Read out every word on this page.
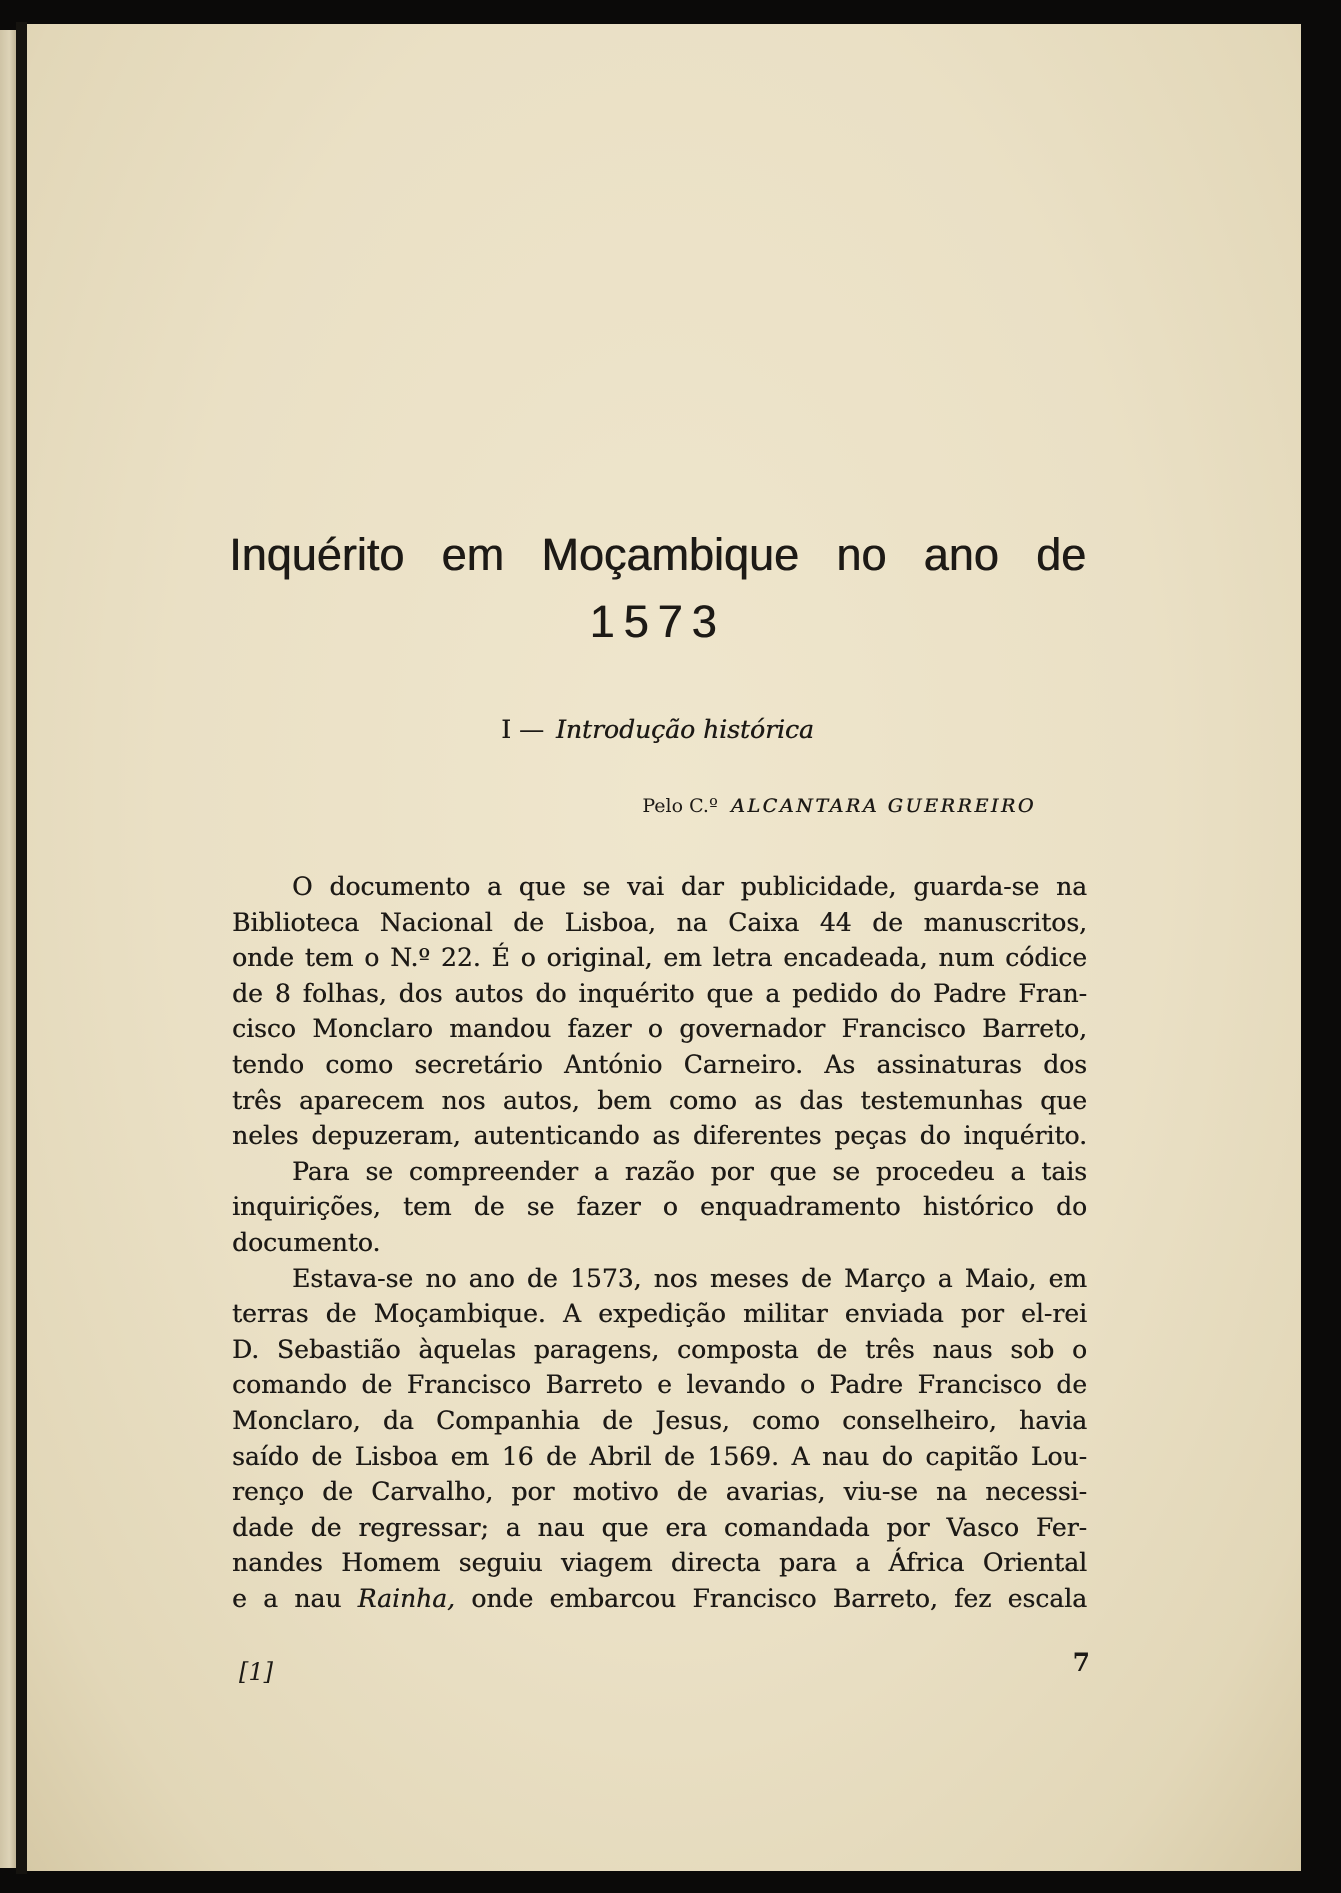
Inquérito em Moçambique no ano de
1573
I — Introdução histórica
Pelo C.º ALCANTARA GUERREIRO
O documento a que se vai dar publicidade, guarda-se na
Biblioteca Nacional de Lisboa, na Caixa 44 de manuscritos,
onde tem o N.º 22. É o original, em letra encadeada, num códice
de 8 folhas, dos autos do inquérito que a pedido do Padre Fran-
cisco Monclaro mandou fazer o governador Francisco Barreto,
tendo como secretário António Carneiro. As assinaturas dos
três aparecem nos autos, bem como as das testemunhas que
neles depuzeram, autenticando as diferentes peças do inquérito.
Para se compreender a razão por que se procedeu a tais
inquirições, tem de se fazer o enquadramento histórico do
documento.
Estava-se no ano de 1573, nos meses de Março a Maio, em
terras de Moçambique. A expedição militar enviada por el-rei
D. Sebastião àquelas paragens, composta de três naus sob o
comando de Francisco Barreto e levando o Padre Francisco de
Monclaro, da Companhia de Jesus, como conselheiro, havia
saído de Lisboa em 16 de Abril de 1569. A nau do capitão Lou-
renço de Carvalho, por motivo de avarias, viu-se na necessi-
dade de regressar; a nau que era comandada por Vasco Fer-
nandes Homem seguiu viagem directa para a África Oriental
e a nau Rainha, onde embarcou Francisco Barreto, fez escala
[1]	7
